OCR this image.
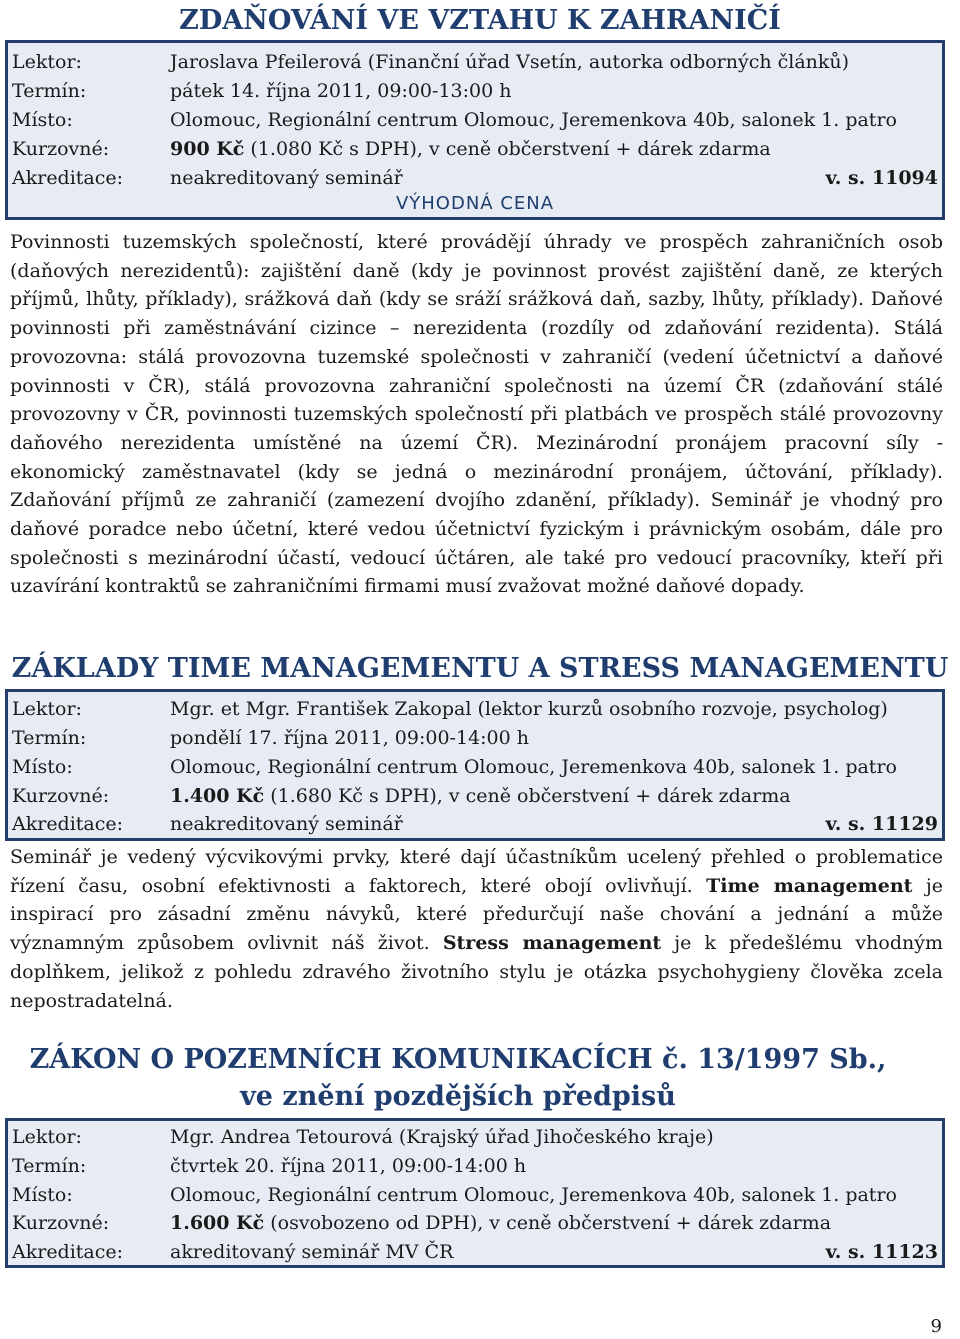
ZDAŇOVÁNÍ VE VZTAHU K ZAHRANIČÍ
Lektor:	Jaroslava Pfeilerová (Finanční úřad Vsetín, autorka odborných článků)
Termín:	pátek 14. října 2011, 09:00-13:00 h
Místo:	Olomouc, Regionální centrum Olomouc, Jeremenkova 40b, salonek 1. patro
Kurzovné:	900 Kč (1.080 Kč s DPH), v ceně občerstvení + dárek zdarma
Akreditace: neakreditovaný seminář	v. s. 11094
VÝHODNÁ CENA
Povinnosti tuzemských společností, které provádějí úhrady ve prospěch zahraničních osob (daňových nerezidentů): zajištění daně (kdy je povinnost provést zajištění daně, ze kterých příjmů, lhůty, příklady), srážková daň (kdy se sráží srážková daň, sazby, lhůty, příklady). Daňové povinnosti při zaměstnávání cizince – nerezidenta (rozdíly od zdaňování rezidenta). Stálá provozovna: stálá provozovna tuzemské společnosti v zahraničí (vedení účetnictví a daňové povinnosti v ČR), stálá provozovna zahraniční společnosti na území ČR (zdaňování stálé provozovny v ČR, povinnosti tuzemských společností při platbách ve prospěch stálé provozovny daňového nerezidenta umístěné na území ČR). Mezinárodní pronájem pracovní síly - ekonomický zaměstnavatel (kdy se jedná o mezinárodní pronájem, účtování, příklady). Zdaňování příjmů ze zahraničí (zamezení dvojího zdanění, příklady). Seminář je vhodný pro daňové poradce nebo účetní, které vedou účetnictví fyzickým i právnickým osobám, dále pro společnosti s mezinárodní účastí, vedoucí účtáren, ale také pro vedoucí pracovníky, kteří při uzavírání kontraktů se zahraničními firmami musí zvažovat možné daňové dopady.
ZÁKLADY TIME MANAGEMENTU A STRESS MANAGEMENTU
Lektor:	Mgr. et Mgr. František Zakopal (lektor kurzů osobního rozvoje, psycholog)
Termín:	pondělí 17. října 2011, 09:00-14:00 h
Místo:	Olomouc, Regionální centrum Olomouc, Jeremenkova 40b, salonek 1. patro
Kurzovné:	1.400 Kč (1.680 Kč s DPH), v ceně občerstvení + dárek zdarma
Akreditace: neakreditovaný seminář	v. s. 11129
Seminář je vedený výcvikovými prvky, které dají účastníkům ucelený přehled o problematice řízení času, osobní efektivnosti a faktorech, které obojí ovlivňují. Time management je inspirací pro zásadní změnu návyků, které předurčují naše chování a jednání a může významným způsobem ovlivnit náš život. Stress management je k předešlému vhodným doplňkem, jelikož z pohledu zdravého životního stylu je otázka psychohygieny člověka zcela nepostradatelná.
ZÁKON O POZEMNÍCH KOMUNIKACÍCH č. 13/1997 Sb.,
ve znění pozdějších předpisů
Lektor:	Mgr. Andrea Tetourová (Krajský úřad Jihočeského kraje)
Termín:	čtvrtek 20. října 2011, 09:00-14:00 h
Místo:	Olomouc, Regionální centrum Olomouc, Jeremenkova 40b, salonek 1. patro
Kurzovné:	1.600 Kč (osvobozeno od DPH), v ceně občerstvení + dárek zdarma
Akreditace: akreditovaný seminář MV ČR	v. s. 11123
9
